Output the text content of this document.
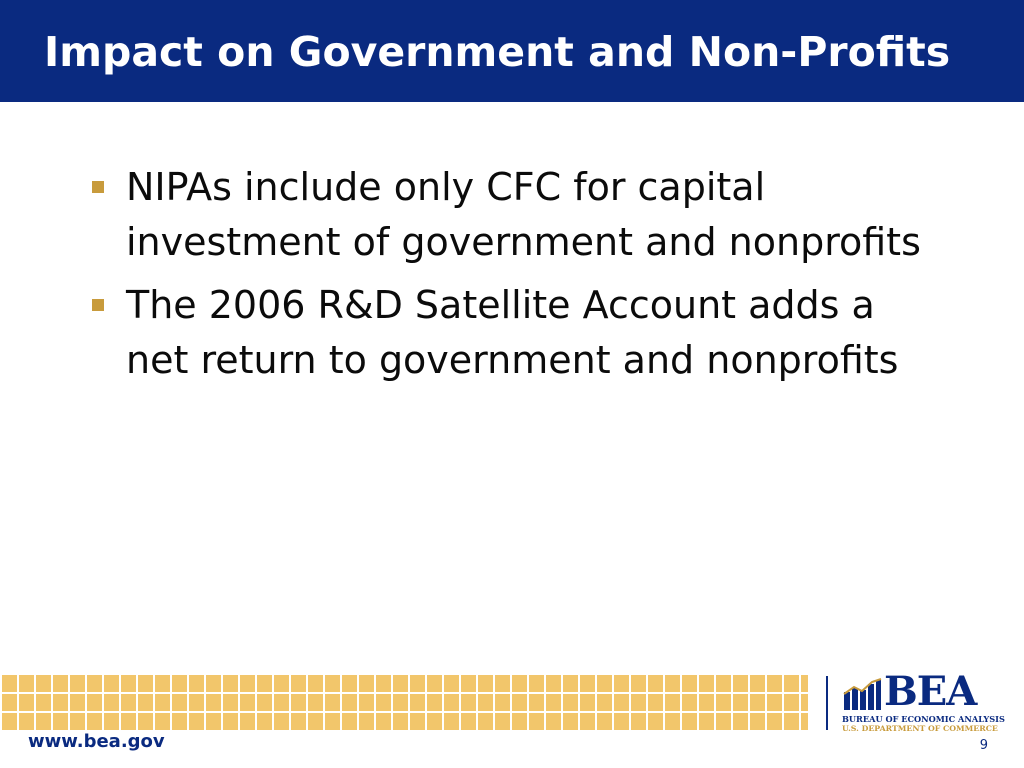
Impact on Government and Non-Profits
NIPAs include only CFC for capital investment of government and nonprofits
The 2006 R&D Satellite Account adds a net return to government and nonprofits
BEA
BUREAU OF ECONOMIC ANALYSIS
U.S. DEPARTMENT OF COMMERCE
www.bea.gov	9
